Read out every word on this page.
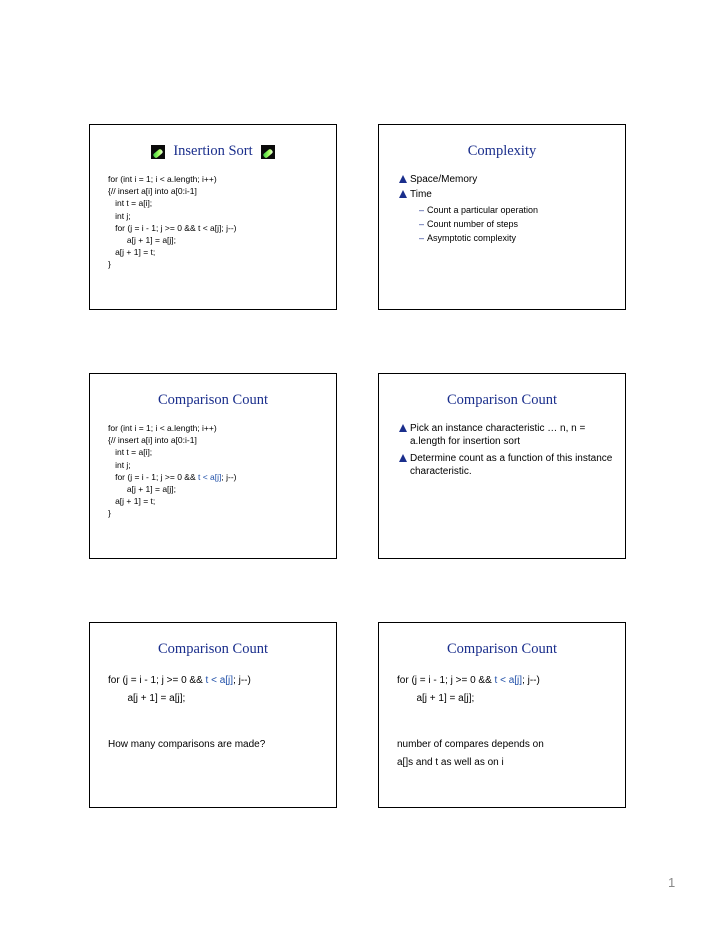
Insertion Sort
for (int i = 1; i < a.length; i++)
{// insert a[i] into a[0:i-1]
int t = a[i];
int j;
for (j = i - 1; j >= 0 && t < a[j]; j--)
a[j + 1] = a[j];
a[j + 1] = t;
}
Complexity
Space/Memory
Time
– Count a particular operation
– Count number of steps
– Asymptotic complexity
Comparison Count
for (int i = 1; i < a.length; i++)
{// insert a[i] into a[0:i-1]
int t = a[i];
int j;
for (j = i - 1; j >= 0 && t < a[j]; j--)
a[j + 1] = a[j];
a[j + 1] = t;
}
Comparison Count
Pick an instance characteristic … n, n = a.length for insertion sort
Determine count as a function of this instance characteristic.
Comparison Count
for (j = i - 1; j >= 0 && t < a[j]; j--)
a[j + 1] = a[j];
How many comparisons are made?
Comparison Count
for (j = i - 1; j >= 0 && t < a[j]; j--)
a[j + 1] = a[j];
number of compares depends on
a[]s and t as well as on i
1
